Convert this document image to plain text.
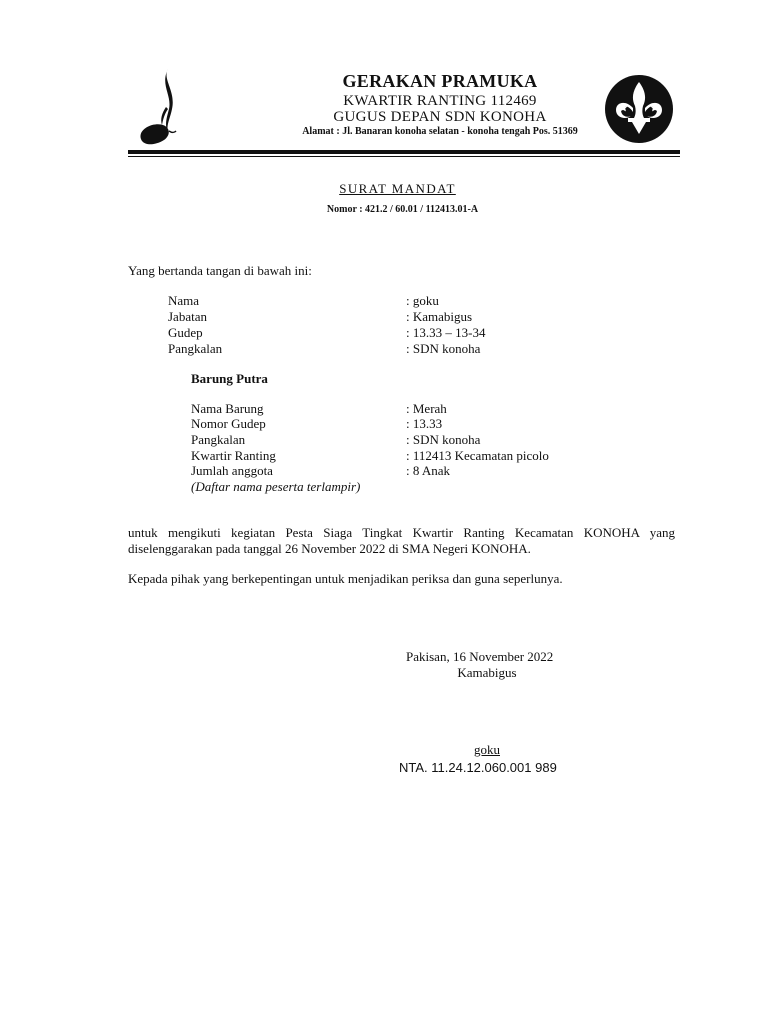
GERAKAN PRAMUKA
KWARTIR RANTING 112469
GUGUS DEPAN SDN KONOHA
Alamat : Jl. Banaran konoha selatan - konoha tengah Pos. 51369
SURAT MANDAT
Nomor : 421.2 / 60.01 / 112413.01-A
Yang bertanda tangan di bawah ini:
Nama	: goku
Jabatan	: Kamabigus
Gudep	: 13.33 – 13-34
Pangkalan	: SDN konoha
Barung Putra
Nama Barung	: Merah
Nomor Gudep	: 13.33
Pangkalan	: SDN konoha
Kwartir Ranting	: 112413 Kecamatan picolo
Jumlah anggota	: 8 Anak
(Daftar nama peserta terlampir)
untuk mengikuti kegiatan Pesta Siaga Tingkat Kwartir Ranting Kecamatan KONOHA yang diselenggarakan pada tanggal 26 November 2022 di SMA Negeri KONOHA.
Kepada pihak yang berkepentingan untuk menjadikan periksa dan guna seperlunya.
Pakisan, 16 November 2022
Kamabigus
goku
NTA. 11.24.12.060.001 989
